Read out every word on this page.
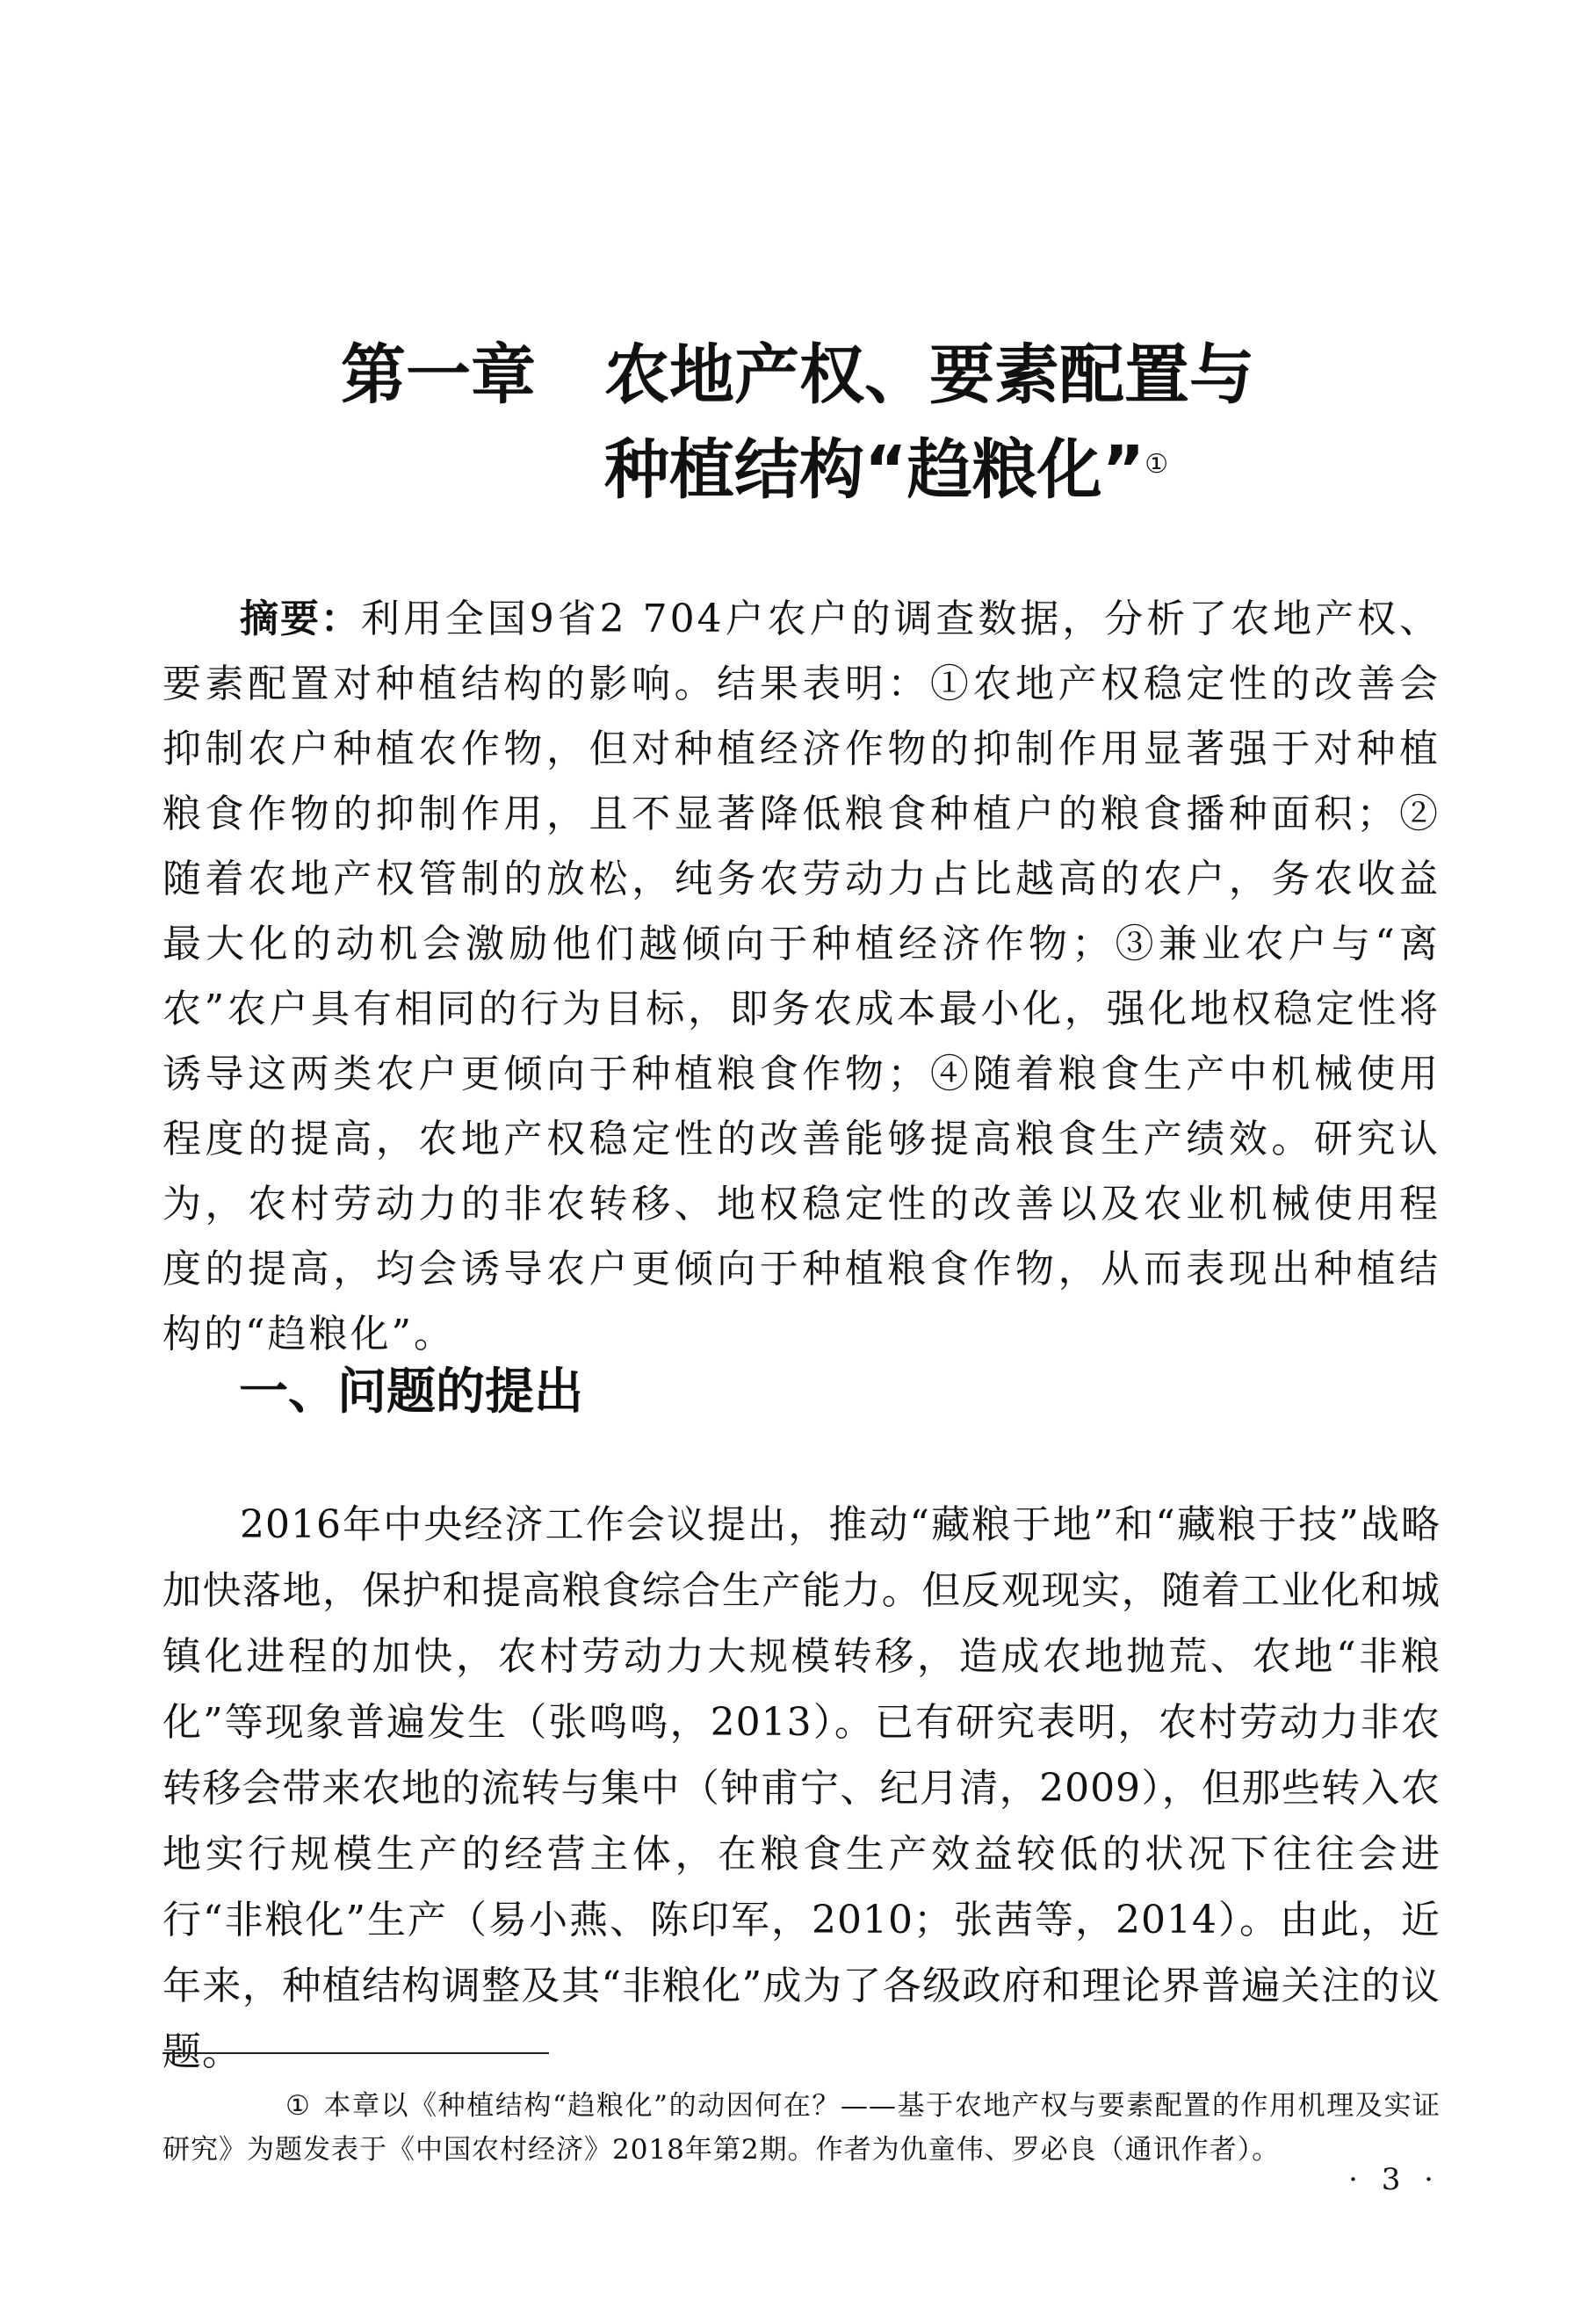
第一章 农地产权、要素配置与
种植结构“趋粮化”①

摘要：利用全国9省2 704户农户的调查数据，分析了农地产权、要素配置对种植结构的影响。结果表明：①农地产权稳定性的改善会抑制农户种植农作物，但对种植经济作物的抑制作用显著强于对种植粮食作物的抑制作用，且不显著降低粮食种植户的粮食播种面积；②随着农地产权管制的放松，纯务农劳动力占比越高的农户，务农收益最大化的动机会激励他们越倾向于种植经济作物；③兼业农户与“离农”农户具有相同的行为目标，即务农成本最小化，强化地权稳定性将诱导这两类农户更倾向于种植粮食作物；④随着粮食生产中机械使用程度的提高，农地产权稳定性的改善能够提高粮食生产绩效。研究认为，农村劳动力的非农转移、地权稳定性的改善以及农业机械使用程度的提高，均会诱导农户更倾向于种植粮食作物，从而表现出种植结构的“趋粮化”。

一、问题的提出

2016年中央经济工作会议提出，推动“藏粮于地”和“藏粮于技”战略加快落地，保护和提高粮食综合生产能力。但反观现实，随着工业化和城镇化进程的加快，农村劳动力大规模转移，造成农地抛荒、农地“非粮化”等现象普遍发生（张鸣鸣，2013）。已有研究表明，农村劳动力非农转移会带来农地的流转与集中（钟甫宁、纪月清，2009），但那些转入农地实行规模生产的经营主体，在粮食生产效益较低的状况下往往会进行“非粮化”生产（易小燕、陈印军，2010；张茜等，2014）。由此，近年来，种植结构调整及其“非粮化”成为了各级政府和理论界普遍关注的议题。

① 本章以《种植结构“趋粮化”的动因何在？——基于农地产权与要素配置的作用机理及实证研究》为题发表于《中国农村经济》2018年第2期。作者为仇童伟、罗必良（通讯作者）。

· 3 ·
